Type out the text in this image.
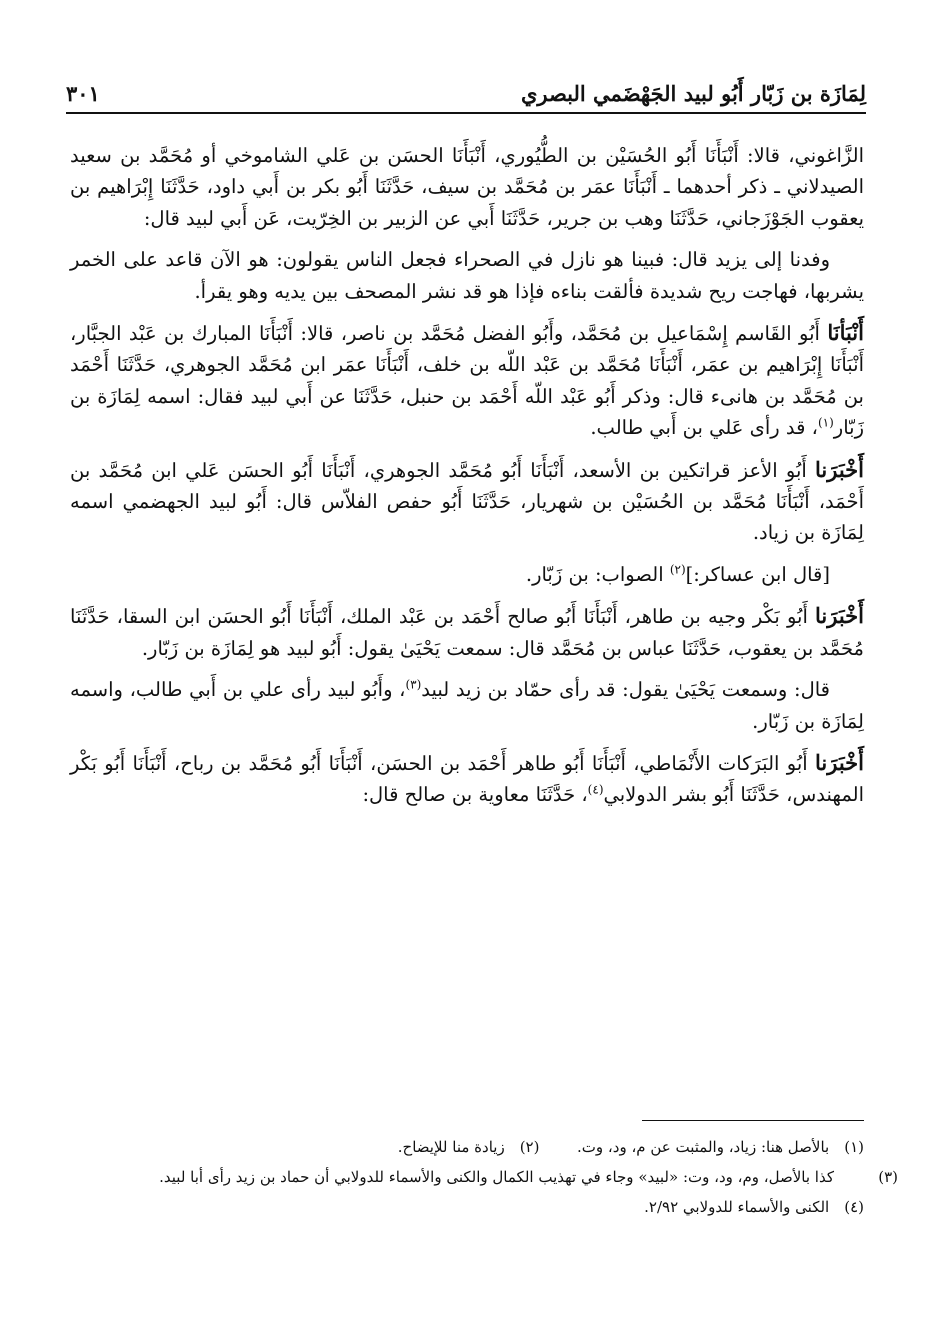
لِمَازَة بن زَبّار أَبُو لبيد الجَهْضَمي البصري
٣٠١

الزَّاغوني، قالا: أَنْبَأَنَا أَبُو الحُسَيْن بن الطُّيُوري، أَنْبَأَنَا الحسَن بن عَلي الشاموخي أو مُحَمَّد بن سعيد الصيدلاني ـ ذكر أحدهما ـ أَنْبَأَنَا عمَر بن مُحَمَّد بن سيف، حَدَّثَنَا أَبُو بكر بن أَبي داود، حَدَّثَنَا إِبْرَاهيم بن يعقوب الجَوْزَجاني، حَدَّثَنَا وهب بن جرير، حَدَّثَنَا أَبي عن الزبير بن الخِرّيت، عَن أَبي لبيد قال:

وفدنا إلى يزيد قال: فبينا هو نازل في الصحراء فجعل الناس يقولون: هو الآن قاعد على الخمر يشربها، فهاجت ريح شديدة فألقت بناءه فإذا هو قد نشر المصحف بين يديه وهو يقرأ.

أَنْبَأنَا أَبُو القَاسم إِسْمَاعيل بن مُحَمَّد، وأَبُو الفضل مُحَمَّد بن ناصر، قالا: أَنْبَأَنَا المبارك بن عَبْد الجبَّار، أَنْبَأَنَا إِبْرَاهيم بن عمَر، أَنْبَأَنَا مُحَمَّد بن عَبْد اللّه بن خلف، أَنْبَأَنَا عمَر ابن مُحَمَّد الجوهري، حَدَّثَنَا أَحْمَد بن مُحَمَّد بن هانىء قال: وذكر أَبُو عَبْد اللّه أَحْمَد بن حنبل، حَدَّثَنَا عن أَبي لبيد فقال: اسمه لِمَازَة بن زَبّار$^{(١)}$، قد رأى عَلي بن أَبي طالب.

أَخْبَرَنا أَبُو الأعز قراتكين بن الأسعد، أَنْبَأَنَا أَبُو مُحَمَّد الجوهري، أَنْبَأَنَا أَبُو الحسَن عَلي ابن مُحَمَّد بن أَحْمَد، أَنْبَأَنَا مُحَمَّد بن الحُسَيْن بن شهريار، حَدَّثَنَا أَبُو حفص الفلاّس قال: أَبُو لبيد الجهضمي اسمه لِمَازَة بن زياد.

[قال ابن عساكر:]$^{(٢)}$ الصواب: بن زَبّار.

أَخْبَرَنا أَبُو بَكْر وجيه بن طاهر، أَنْبَأَنَا أَبُو صالح أَحْمَد بن عَبْد الملك، أَنْبَأَنَا أَبُو الحسَن ابن السقا، حَدَّثَنَا مُحَمَّد بن يعقوب، حَدَّثَنَا عباس بن مُحَمَّد قال: سمعت يَحْيَىٰ يقول: أَبُو لبيد هو لِمَازَة بن زَبّار.

قال: وسمعت يَحْيَىٰ يقول: قد رأى حمّاد بن زيد لبيد$^{(٣)}$، وأَبُو لبيد رأى علي بن أَبي طالب، واسمه لِمَازَة بن زَبّار.

أَخْبَرَنا أَبُو البَرَكات الأَنْمَاطي، أَنْبَأَنَا أَبُو طاهر أَحْمَد بن الحسَن، أَنْبَأَنَا أَبُو مُحَمَّد بن رباح، أَنْبَأَنَا أَبُو بَكْر المهندس، حَدَّثَنَا أَبُو بشر الدولابي$^{(٤)}$، حَدَّثَنَا معاوية بن صالح قال:

(١) بالأصل هنا: زياد، والمثبت عن م، ود، وت.  (٢) زيادة منا للإيضاح.

(٣)كذا بالأصل، وم، ود، وت: «لبيد» وجاء في تهذيب الكمال والكنى والأسماء للدولابي أن حماد بن زيد رأى أبا لبيد.

(٤) الكنى والأسماء للدولابي ٢/٩٢.
